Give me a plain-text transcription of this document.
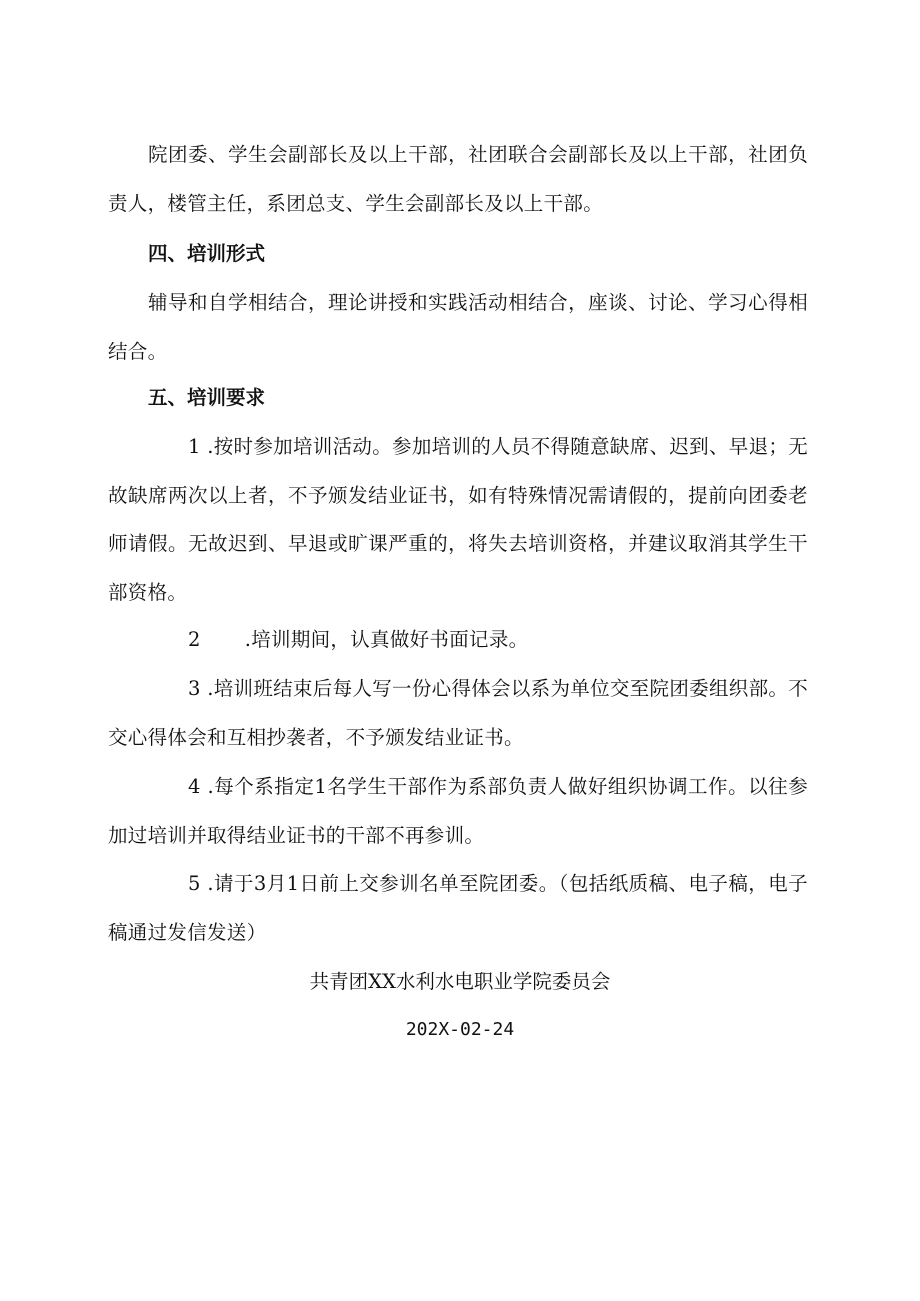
院团委、学生会副部长及以上干部，社团联合会副部长及以上干部，社团负责人，楼管主任，系团总支、学生会副部长及以上干部。

四、培训形式

辅导和自学相结合，理论讲授和实践活动相结合，座谈、讨论、学习心得相结合。

五、培训要求

1 .按时参加培训活动。参加培训的人员不得随意缺席、迟到、早退；无故缺席两次以上者，不予颁发结业证书，如有特殊情况需请假的，提前向团委老师请假。无故迟到、早退或旷课严重的，将失去培训资格，并建议取消其学生干部资格。

2 .培训期间，认真做好书面记录。

3 .培训班结束后每人写一份心得体会以系为单位交至院团委组织部。不交心得体会和互相抄袭者，不予颁发结业证书。

4 .每个系指定1名学生干部作为系部负责人做好组织协调工作。以往参加过培训并取得结业证书的干部不再参训。

5 .请于3月1日前上交参训名单至院团委。（包括纸质稿、电子稿，电子稿通过发信发送）

共青团XX水利水电职业学院委员会

202X-02-24
